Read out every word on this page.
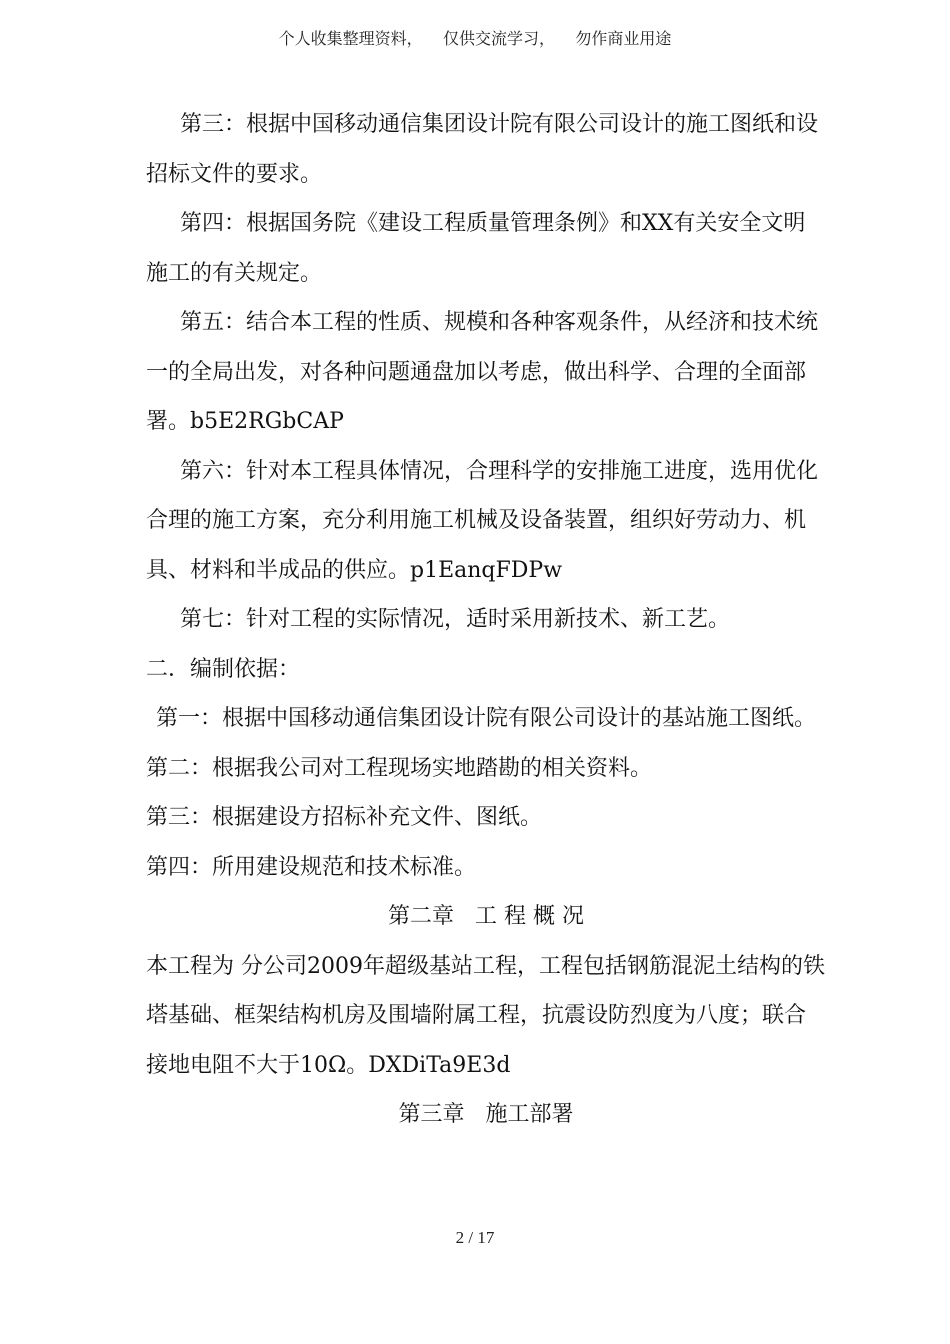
个人收集整理资料，    仅供交流学习，    勿作商业用途

第三：根据中国移动通信集团设计院有限公司设计的施工图纸和设招标文件的要求。

第四：根据国务院《建设工程质量管理条例》和XX有关安全文明施工的有关规定。

第五：结合本工程的性质、规模和各种客观条件，从经济和技术统一的全局出发，对各种问题通盘加以考虑，做出科学、合理的全面部署。b5E2RGbCAP

第六：针对本工程具体情况，合理科学的安排施工进度，选用优化合理的施工方案，充分利用施工机械及设备装置，组织好劳动力、机具、材料和半成品的供应。p1EanqFDPw

第七：针对工程的实际情况，适时采用新技术、新工艺。

二．编制依据：

第一：根据中国移动通信集团设计院有限公司设计的基站施工图纸。

第二：根据我公司对工程现场实地踏勘的相关资料。

第三：根据建设方招标补充文件、图纸。

第四：所用建设规范和技术标准。

第二章   工 程 概 况

本工程为 分公司2009年超级基站工程，工程包括钢筋混泥土结构的铁塔基础、框架结构机房及围墙附属工程，抗震设防烈度为八度；联合接地电阻不大于10Ω。DXDiTa9E3d

第三章   施工部署

2 / 17
